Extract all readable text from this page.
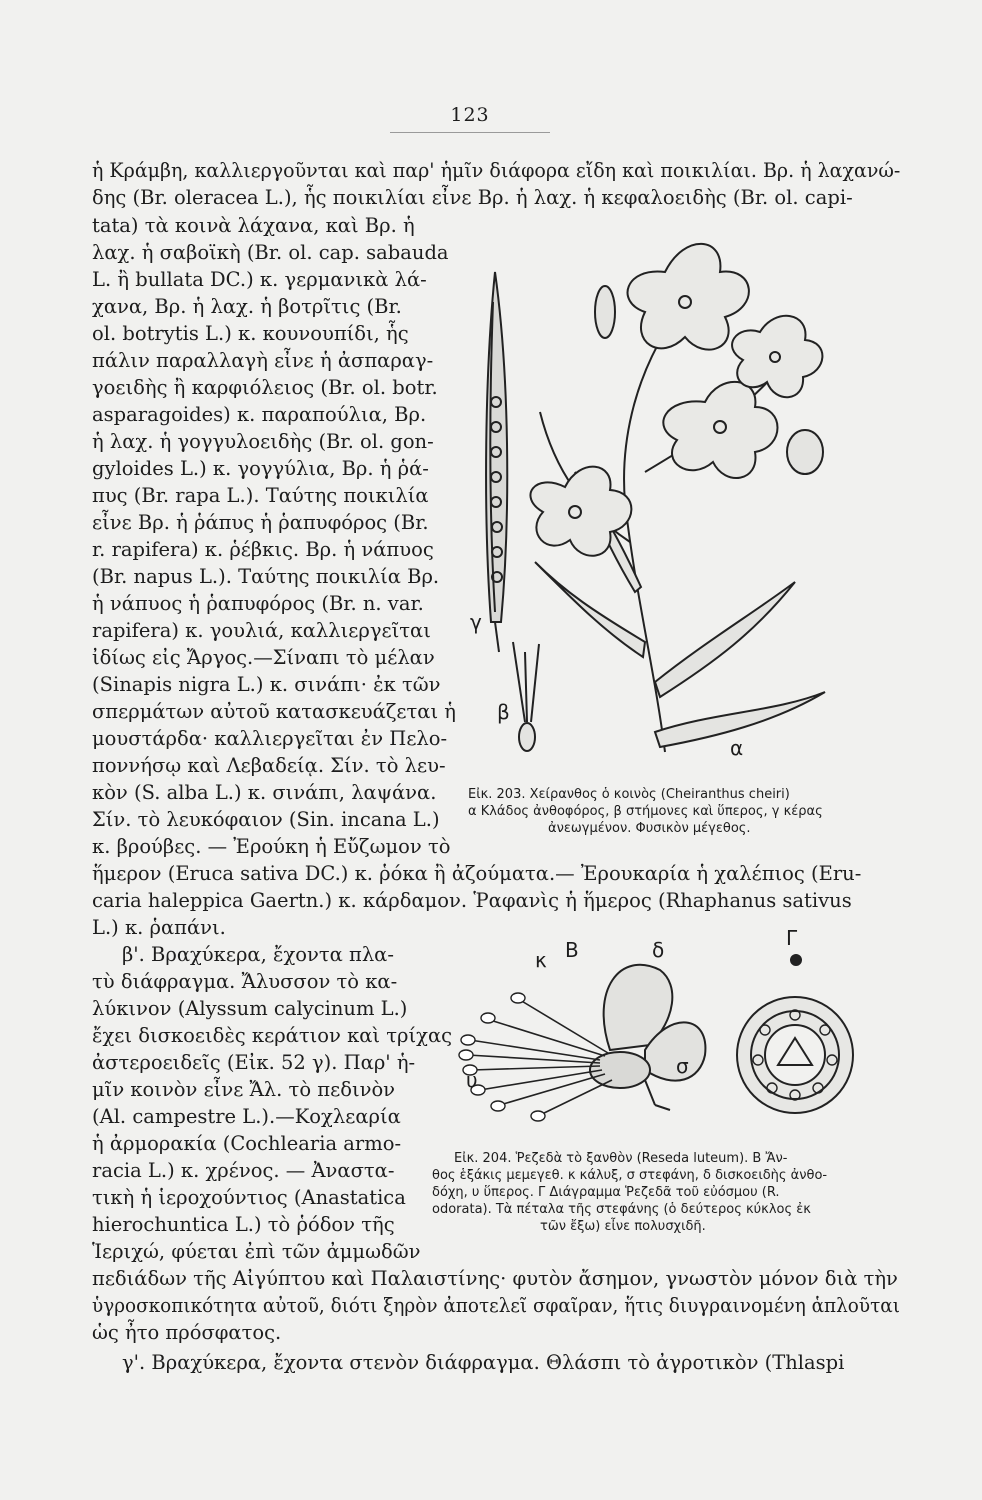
123
ἡ Κράμβη, καλλιεργοῦνται καὶ παρ' ἡμῖν διάφορα εἴδη καὶ ποικιλίαι. Βρ. ἡ λαχανώ-
δης (Br. oleracea L.), ἧς ποικιλίαι εἶνε Βρ. ἡ λαχ. ἡ κεφαλοειδὴς (Br. ol. capi-
tata) τὰ κοινὰ λάχανα, καὶ Βρ. ἡ
λαχ. ἡ σαβοϊκὴ (Br. ol. cap. sabauda
L. ἢ bullata DC.) κ. γερμανικὰ λά-
χανα, Βρ. ἡ λαχ. ἡ βοτρῖτις (Br.
ol. botrytis L.) κ. κουνουπίδι, ἧς
πάλιν παραλλαγὴ εἶνε ἡ ἀσπαραγ-
γοειδὴς ἢ καρφιόλειος (Br. ol. botr.
asparagoides) κ. παραπούλια, Βρ.
ἡ λαχ. ἡ γογγυλοειδὴς (Br. ol. gon-
gyloides L.) κ. γογγύλια, Βρ. ἡ ῥά-
πυς (Br. rapa L.). Ταύτης ποικιλία
εἶνε Βρ. ἡ ῥάπυς ἡ ῥαπυφόρος (Br.
r. rapifera) κ. ῥέβκις. Βρ. ἡ νάπυος
(Br. napus L.). Ταύτης ποικιλία Βρ.
ἡ νάπυος ἡ ῥαπυφόρος (Br. n. var.
rapifera) κ. γουλιά, καλλιεργεῖται
ἰδίως εἰς Ἄργος.—Σίναπι τὸ μέλαν
(Sinapis nigra L.) κ. σινάπι· ἐκ τῶν
σπερμάτων αὐτοῦ κατασκευάζεται ἡ
μουστάρδα· καλλιεργεῖται ἐν Πελο-
ποννήσῳ καὶ Λεβαδείᾳ. Σίν. τὸ λευ-
κὸν (S. alba L.) κ. σινάπι, λαψάνα.
Σίν. τὸ λευκόφαιον (Sin. incana L.)
κ. βρούβες. — Ἐρούκη ἡ Εὔζωμον τὸ
ἥμερον (Eruca sativa DC.) κ. ῥόκα ἢ ἀζούματα.— Ἐρουκαρία ἡ χαλέπιος (Eru-
caria haleppica Gaertn.) κ. κάρδαμον. Ῥαφανὶς ἡ ἥμερος (Rhaphanus sativus
L.) κ. ῥαπάνι.
β'. Βραχύκερα, ἔχοντα πλα-
τὺ διάφραγμα. Ἄλυσσον τὸ κα-
λύκινον (Alyssum calycinum L.)
ἔχει δισκοειδὲς κεράτιον καὶ τρίχας
ἀστεροειδεῖς (Εἰκ. 52 γ). Παρ' ἡ-
μῖν κοινὸν εἶνε Ἄλ. τὸ πεδινὸν
(Al. campestre L.).—Κοχλεαρία
ἡ ἀρμορακία (Cochlearia armo-
racia L.) κ. χρένος. — Ἀναστα-
τικὴ ἡ ἱεροχούντιος (Anastatica
hierochuntica L.) τὸ ῥόδον τῆς
Ἱεριχώ, φύεται ἐπὶ τῶν ἀμμωδῶν
πεδιάδων τῆς Αἰγύπτου καὶ Παλαιστίνης· φυτὸν ἄσημον, γνωστὸν μόνον διὰ τὴν
ὑγροσκοπικότητα αὐτοῦ, διότι ξηρὸν ἀποτελεῖ σφαῖραν, ἥτις διυγραινομένη ἁπλοῦται
ὡς ἦτο πρόσφατος.
γ'. Βραχύκερα, ἔχοντα στενὸν διάφραγμα. Θλάσπι τὸ ἀγροτικὸν (Thlaspi
γ
β
α
Εἰκ. 203. Χείρανθος ὁ κοινὸς (Cheiranthus cheiri)
α Κλάδος ἀνθοφόρος, β στήμονες καὶ ὕπερος, γ κέρας
ἀνεωγμένον. Φυσικὸν μέγεθος.
B	Γ
κ	δ
σ
υ
Εἰκ. 204. Ῥεζεδὰ τὸ ξανθὸν (Reseda luteum). B Ἄν-
θος ἑξάκις μεμεγεθ. κ κάλυξ, σ στεφάνη, δ δισκοειδὴς ἀνθο-
δόχη, υ ὕπερος. Γ Διάγραμμα Ῥεζεδᾶ τοῦ εὐόσμου (R.
odorata). Τὰ πέταλα τῆς στεφάνης (ὁ δεύτερος κύκλος ἐκ
τῶν ἔξω) εἶνε πολυσχιδῆ.
